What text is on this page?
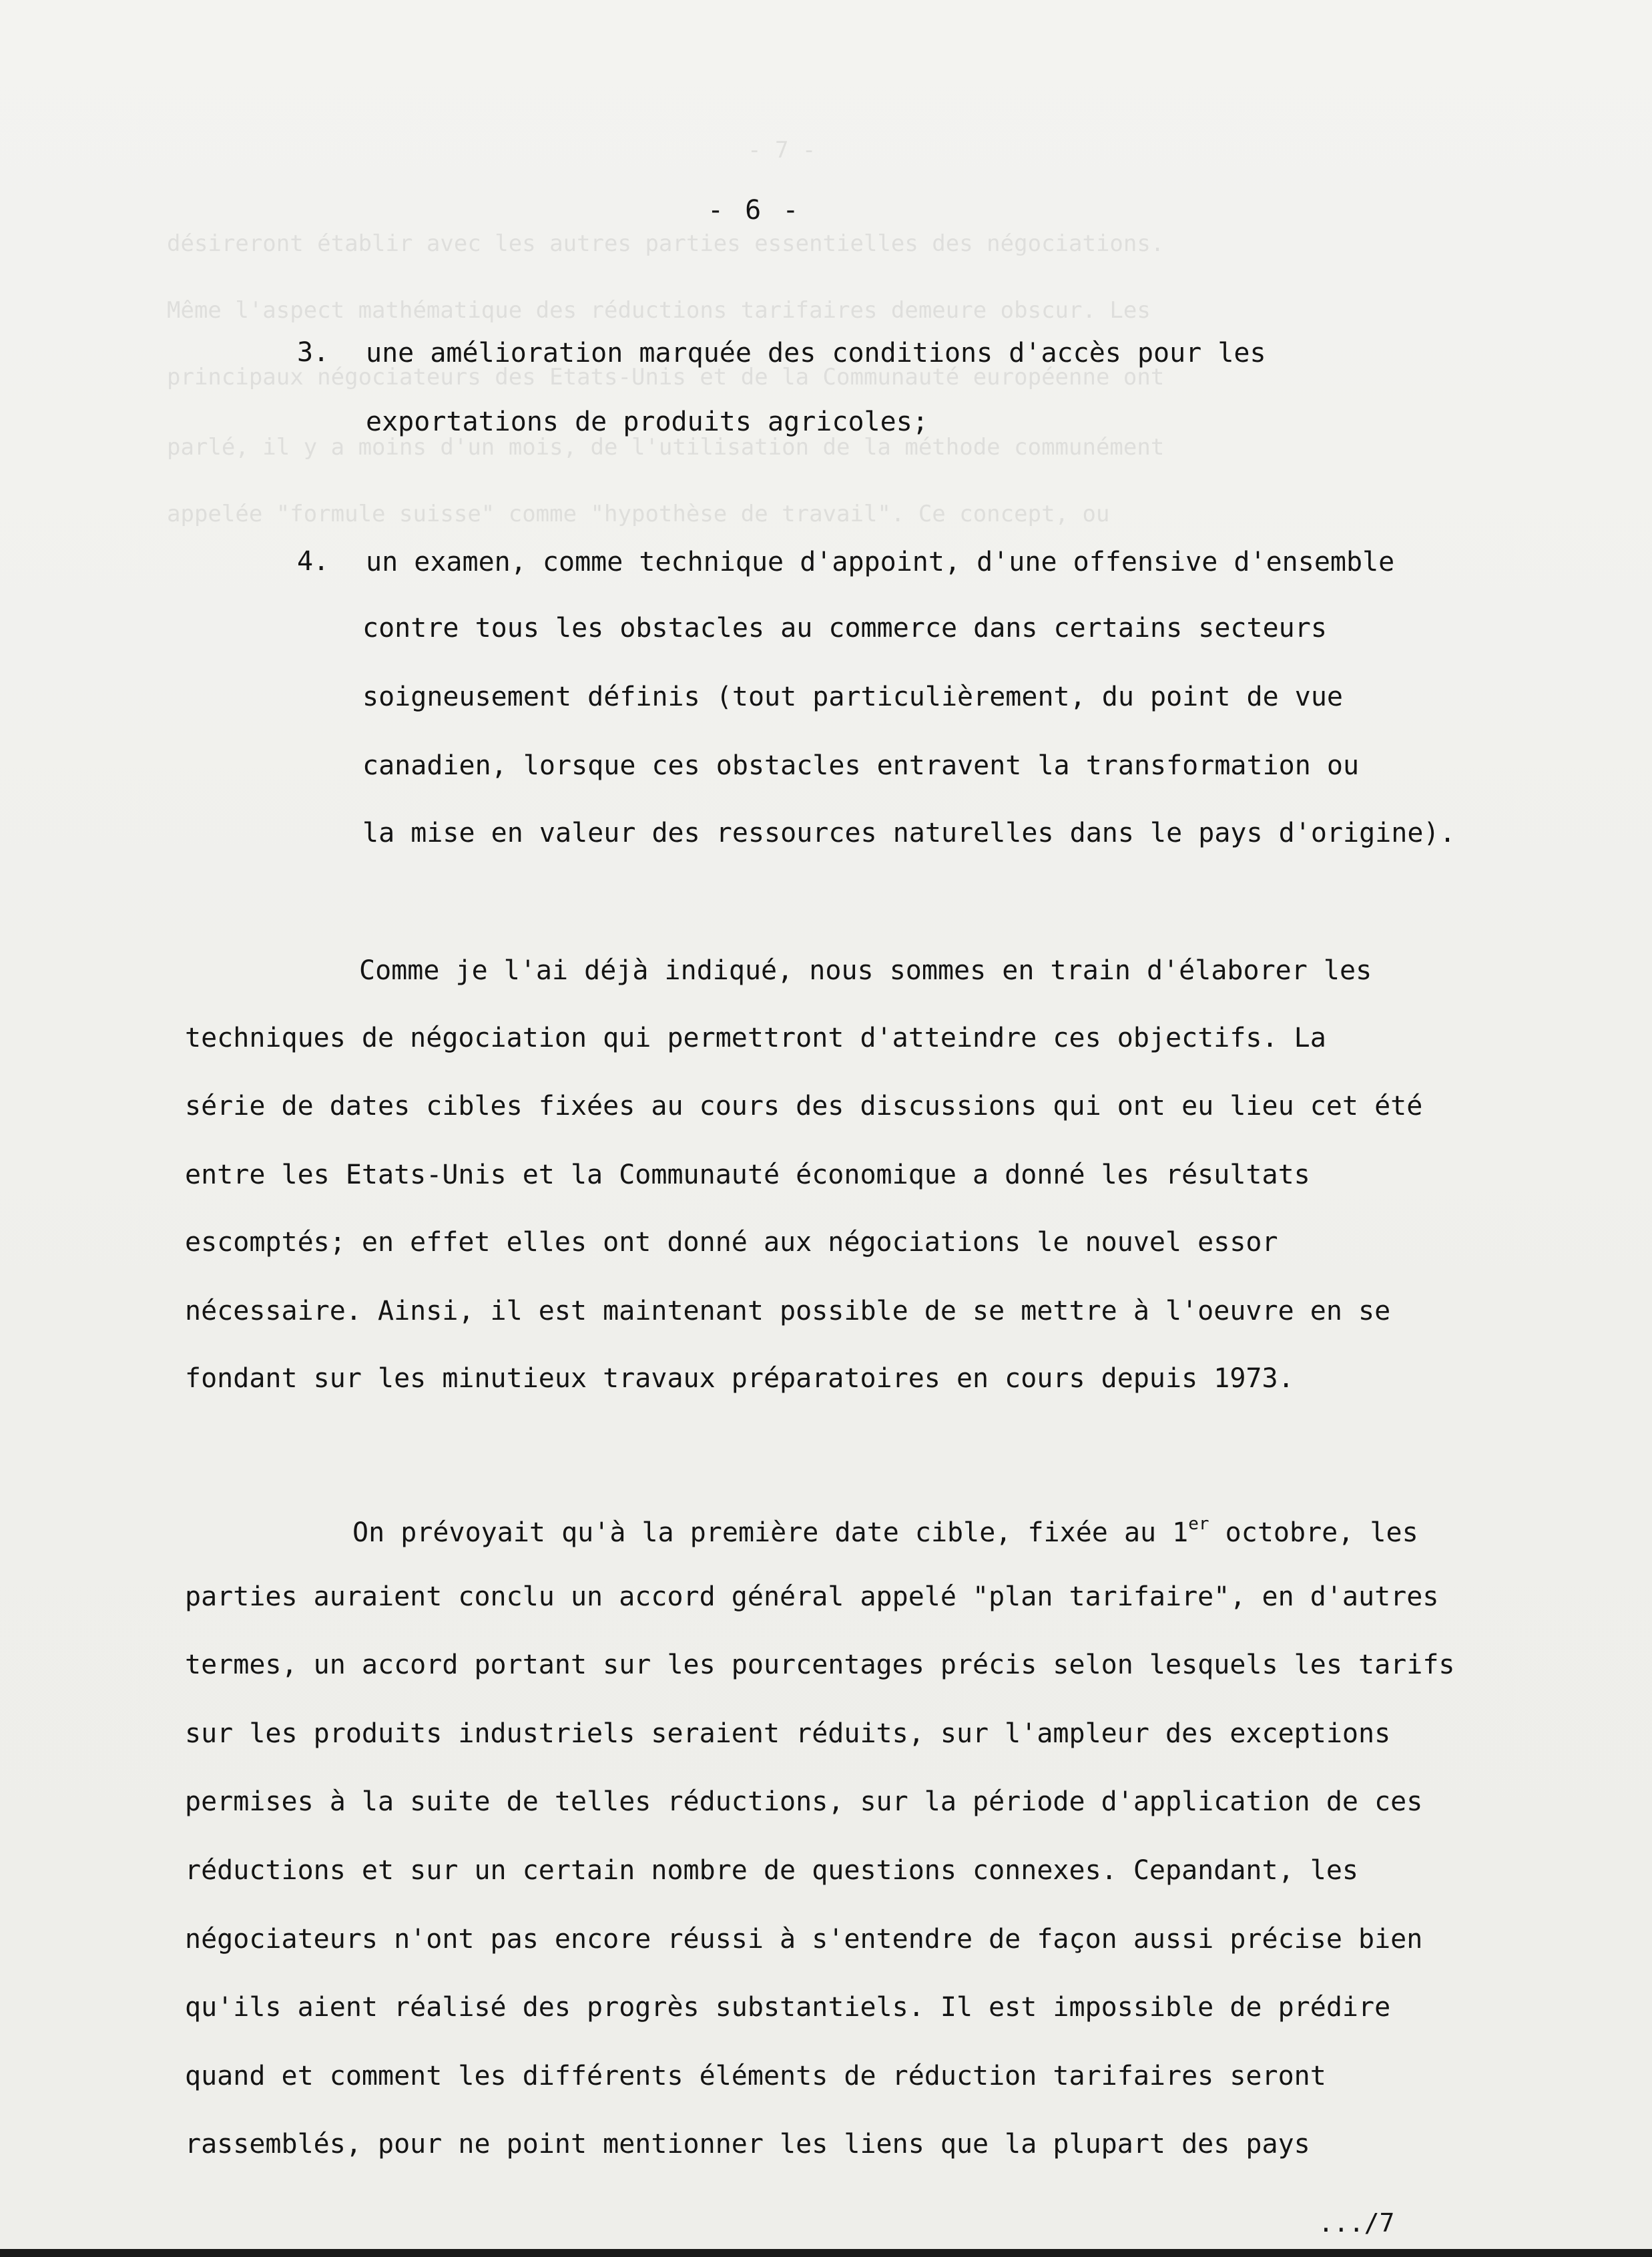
- 7 -
désireront établir avec les autres parties essentielles des négociations.
Même l'aspect mathématique des réductions tarifaires demeure obscur. Les
principaux négociateurs des Etats-Unis et de la Communauté européenne ont
parlé, il y a moins d'un mois, de l'utilisation de la méthode communément
appelée "formule suisse" comme "hypothèse de travail". Ce concept, ou
- 6 -
3. une amélioration marquée des conditions d'accès pour les
exportations de produits agricoles;
4. un examen, comme technique d'appoint, d'une offensive d'ensemble
contre tous les obstacles au commerce dans certains secteurs
soigneusement définis (tout particulièrement, du point de vue
canadien, lorsque ces obstacles entravent la transformation ou
la mise en valeur des ressources naturelles dans le pays d'origine).
Comme je l'ai déjà indiqué, nous sommes en train d'élaborer les
techniques de négociation qui permettront d'atteindre ces objectifs. La
série de dates cibles fixées au cours des discussions qui ont eu lieu cet été
entre les Etats-Unis et la Communauté économique a donné les résultats
escomptés; en effet elles ont donné aux négociations le nouvel essor
nécessaire. Ainsi, il est maintenant possible de se mettre à l'oeuvre en se
fondant sur les minutieux travaux préparatoires en cours depuis 1973.
On prévoyait qu'à la première date cible, fixée au 1er octobre, les
parties auraient conclu un accord général appelé "plan tarifaire", en d'autres
termes, un accord portant sur les pourcentages précis selon lesquels les tarifs
sur les produits industriels seraient réduits, sur l'ampleur des exceptions
permises à la suite de telles réductions, sur la période d'application de ces
réductions et sur un certain nombre de questions connexes. Cepandant, les
négociateurs n'ont pas encore réussi à s'entendre de façon aussi précise bien
qu'ils aient réalisé des progrès substantiels. Il est impossible de prédire
quand et comment les différents éléments de réduction tarifaires seront
rassemblés, pour ne point mentionner les liens que la plupart des pays
.../7
